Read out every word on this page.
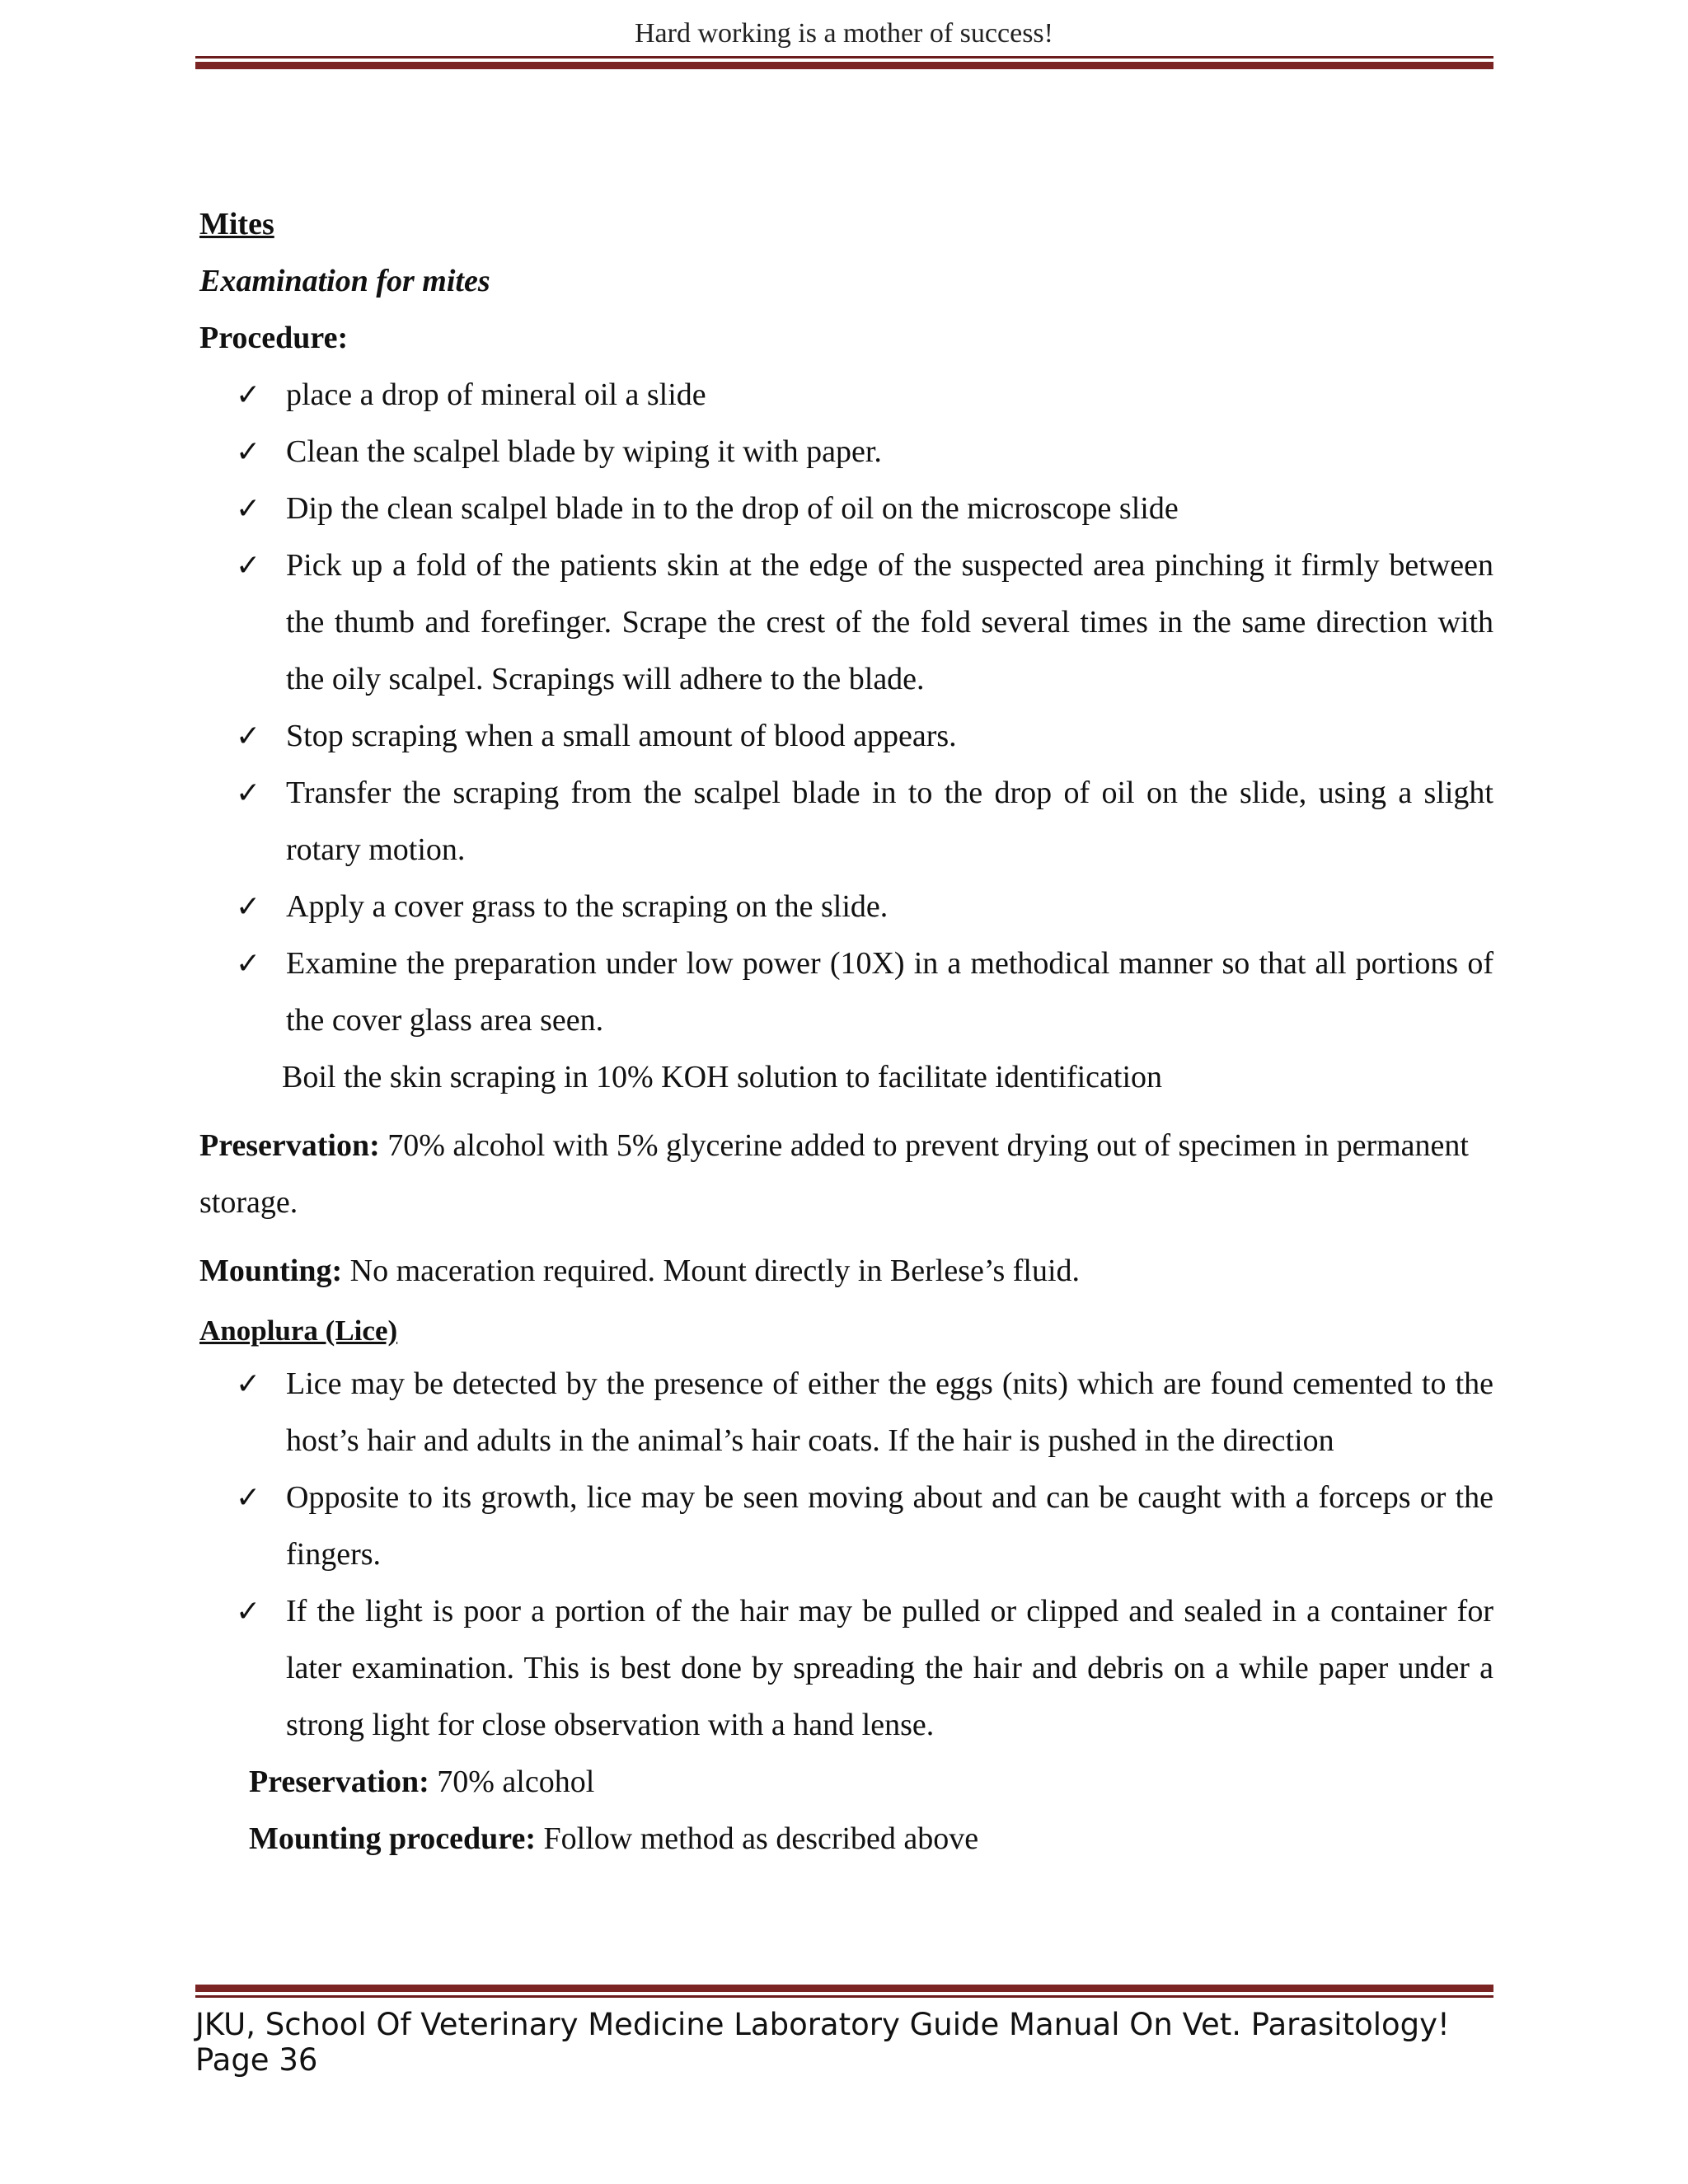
Hard working is a mother of success!
Mites
Examination for mites
Procedure:
✓ place a drop of mineral oil a slide
✓ Clean the scalpel blade by wiping it with paper.
✓ Dip the clean scalpel blade in to the drop of oil on the microscope slide
✓ Pick up a fold of the patients skin at the edge of the suspected area pinching it firmly between the thumb and forefinger. Scrape the crest of the fold several times in the same direction with the oily scalpel. Scrapings will adhere to the blade.
✓ Stop scraping when a small amount of blood appears.
✓ Transfer the scraping from the scalpel blade in to the drop of oil on the slide, using a slight rotary motion.
✓ Apply a cover grass to the scraping on the slide.
✓ Examine the preparation under low power (10X) in a methodical manner so that all portions of the cover glass area seen.
Boil the skin scraping in 10% KOH solution to facilitate identification
Preservation: 70% alcohol with 5% glycerine added to prevent drying out of specimen in permanent storage.
Mounting: No maceration required. Mount directly in Berlese’s fluid.
Anoplura (Lice)
✓ Lice may be detected by the presence of either the eggs (nits) which are found cemented to the host’s hair and adults in the animal’s hair coats. If the hair is pushed in the direction
✓ Opposite to its growth, lice may be seen moving about and can be caught with a forceps or the fingers.
✓ If the light is poor a portion of the hair may be pulled or clipped and sealed in a container for later examination. This is best done by spreading the hair and debris on a while paper under a strong light for close observation with a hand lense.
Preservation: 70% alcohol
Mounting procedure: Follow method as described above
JKU, School Of Veterinary Medicine Laboratory Guide Manual On Vet. Parasitology! Page 36
